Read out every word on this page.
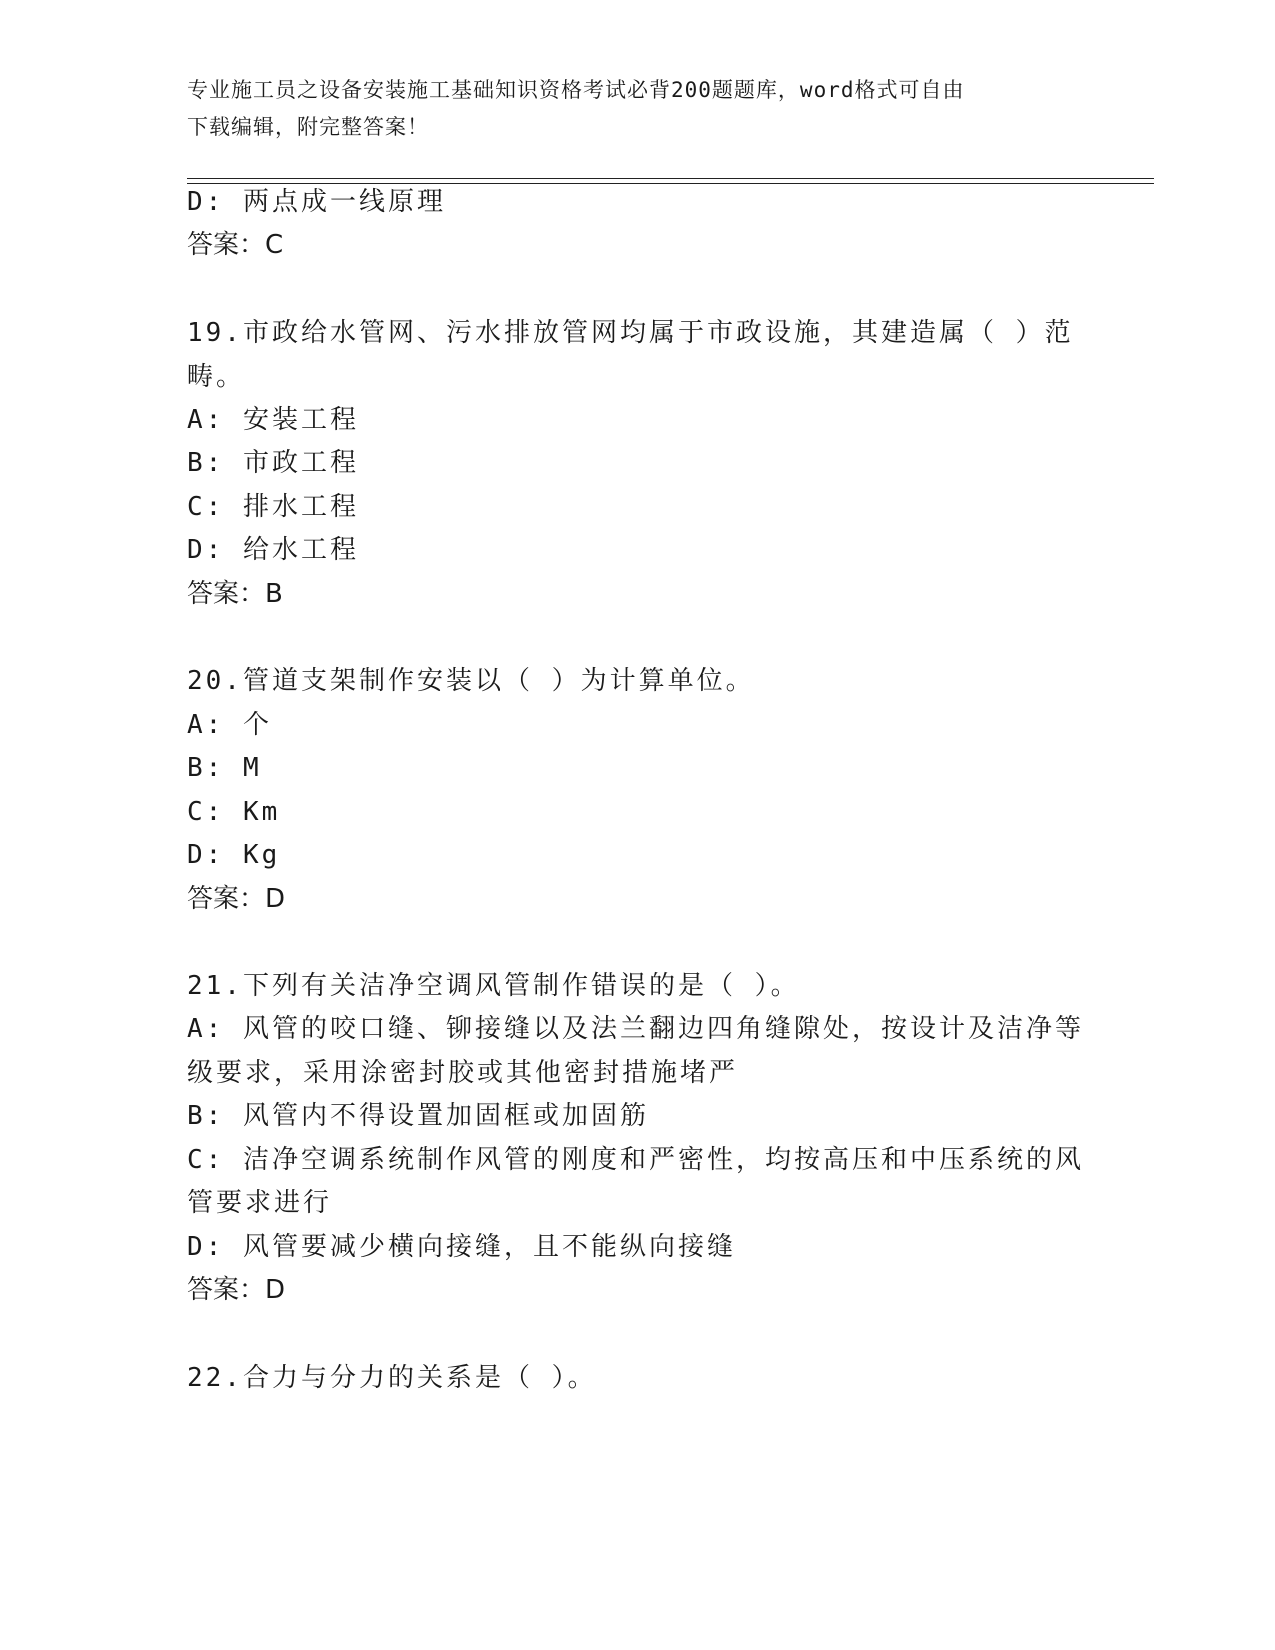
专业施工员之设备安装施工基础知识资格考试必背200题题库，word格式可自由
下载编辑，附完整答案！
D: 两点成一线原理
答案：C
19.市政给水管网、污水排放管网均属于市政设施，其建造属（ ）范
畴。
A: 安装工程
B: 市政工程
C: 排水工程
D: 给水工程
答案：B
20.管道支架制作安装以（ ）为计算单位。
A: 个
B: M
C: Km
D: Kg
答案：D
21.下列有关洁净空调风管制作错误的是（ ）。
A: 风管的咬口缝、铆接缝以及法兰翻边四角缝隙处，按设计及洁净等
级要求，采用涂密封胶或其他密封措施堵严
B: 风管内不得设置加固框或加固筋
C: 洁净空调系统制作风管的刚度和严密性，均按高压和中压系统的风
管要求进行
D: 风管要减少横向接缝，且不能纵向接缝
答案：D
22.合力与分力的关系是（ ）。
